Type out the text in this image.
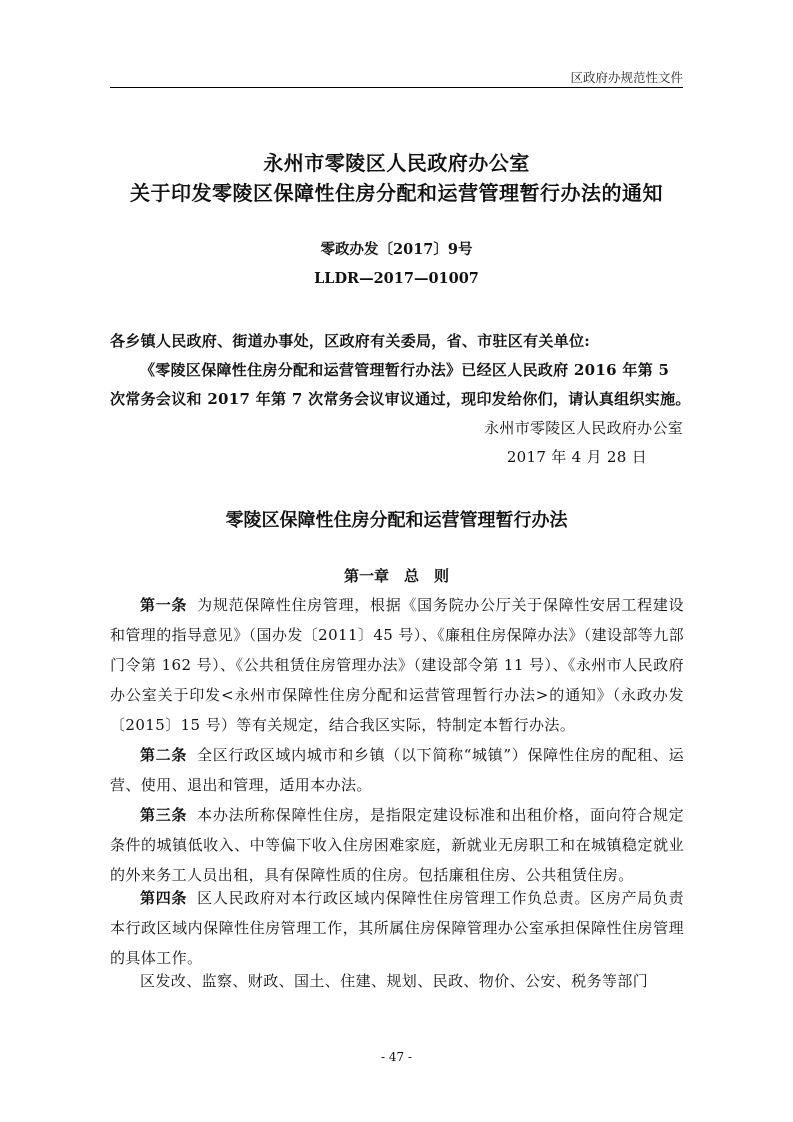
区政府办规范性文件
永州市零陵区人民政府办公室
关于印发零陵区保障性住房分配和运营管理暂行办法的通知
零政办发〔2017〕9号
LLDR—2017—01007
各乡镇人民政府、街道办事处，区政府有关委局，省、市驻区有关单位:
《零陵区保障性住房分配和运营管理暂行办法》已经区人民政府 2016 年第 5
次常务会议和 2017 年第 7 次常务会议审议通过，现印发给你们，请认真组织实施。
永州市零陵区人民政府办公室
2017 年 4 月 28 日
零陵区保障性住房分配和运营管理暂行办法
第一章　总　则

第一条 为规范保障性住房管理，根据《国务院办公厅关于保障性安居工程建设和管理的指导意见》（国办发〔2011〕45 号）、《廉租住房保障办法》（建设部等九部门令第 162 号）、《公共租赁住房管理办法》（建设部令第 11 号）、《永州市人民政府办公室关于印发<永州市保障性住房分配和运营管理暂行办法>的通知》（永政办发〔2015〕15 号）等有关规定，结合我区实际，特制定本暂行办法。

第二条 全区行政区域内城市和乡镇（以下简称“城镇”）保障性住房的配租、运营、使用、退出和管理，适用本办法。

第三条 本办法所称保障性住房，是指限定建设标准和出租价格，面向符合规定条件的城镇低收入、中等偏下收入住房困难家庭，新就业无房职工和在城镇稳定就业的外来务工人员出租，具有保障性质的住房。包括廉租住房、公共租赁住房。

第四条 区人民政府对本行政区域内保障性住房管理工作负总责。区房产局负责本行政区域内保障性住房管理工作，其所属住房保障管理办公室承担保障性住房管理的具体工作。

区发改、监察、财政、国土、住建、规划、民政、物价、公安、税务等部门

- 47 -
